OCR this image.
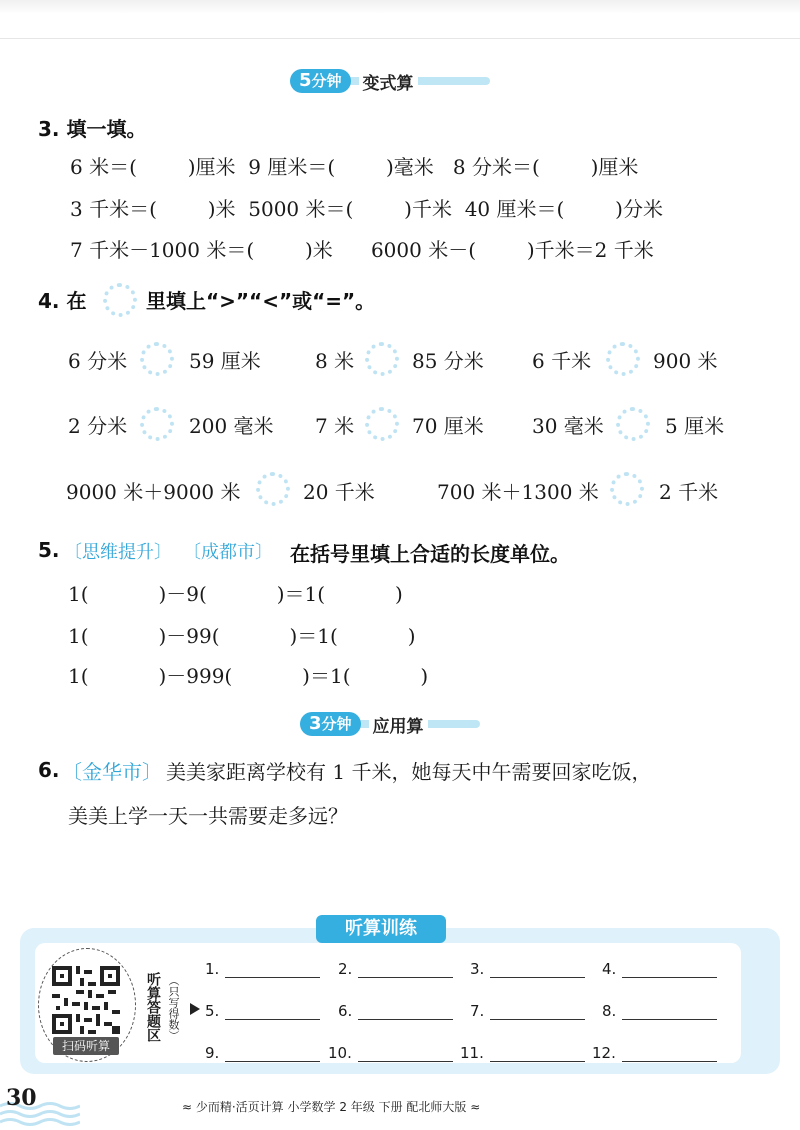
5分钟	变式算
3. 填一填。
6 米＝(        )厘米  9 厘米＝(        )毫米   8 分米＝(        )厘米
3 千米＝(        )米  5000 米＝(        )千米  40 厘米＝(        )分米
7 千米－1000 米＝(        )米      6000 米－(        )千米＝2 千米
4. 在	里填上“>”“<”或“=”。
6 分米	59 厘米	8 米	85 分米 6 千米	900 米
2 分米	200 毫米 7 米	70 厘米 30 毫米	5 厘米
9000 米＋9000 米	20 千米	700 米＋1300 米	2 千米
5. 〔思维提升〕 〔成都市〕 在括号里填上合适的长度单位。
1(           )－9(           )＝1(           )
1(           )－99(           )＝1(           )
1(           )－999(           )＝1(           )
3分钟	应用算
6. 〔金华市〕 美美家距离学校有 1 千米，她每天中午需要回家吃饭，
美美上学一天一共需要走多远？
听算训练
扫码听算
听算答题区 （只写得数）
1.	2.	3.	4.
5.	6.	7.	8.
9.	10.	11.	12.
30	≈ 少而精·活页计算 小学数学 2 年级 下册 配北师大版 ≈
